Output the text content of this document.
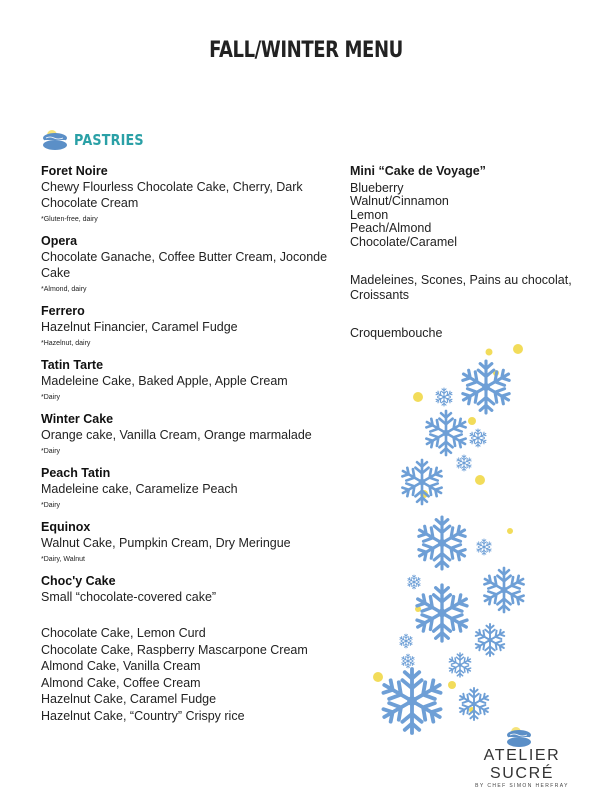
FALL/WINTER MENU
PASTRIES
Foret Noire
Chewy Flourless Chocolate Cake, Cherry, Dark Chocolate Cream
*Gluten-free, dairy
Opera
Chocolate Ganache, Coffee Butter Cream, Joconde Cake
*Almond, dairy
Ferrero
Hazelnut Financier, Caramel Fudge
*Hazelnut, dairy
Tatin Tarte
Madeleine Cake, Baked Apple, Apple Cream
*Dairy
Winter Cake
Orange cake, Vanilla Cream, Orange marmalade
*Dairy
Peach Tatin
Madeleine cake, Caramelize Peach
*Dairy
Equinox
Walnut Cake, Pumpkin Cream, Dry Meringue
*Dairy, Walnut
Choc'y Cake
Small “chocolate-covered cake”
Chocolate Cake, Lemon Curd
Chocolate Cake, Raspberry Mascarpone Cream
Almond Cake, Vanilla Cream
Almond Cake, Coffee Cream
Hazelnut Cake, Caramel Fudge
Hazelnut Cake, “Country” Crispy rice
Mini “Cake de Voyage”
Blueberry
Walnut/Cinnamon
Lemon
Peach/Almond
Chocolate/Caramel
Madeleines, Scones, Pains au chocolat, Croissants
Croquembouche
ATELIER SUCRÉ
BY CHEF SIMON HERFRAY
